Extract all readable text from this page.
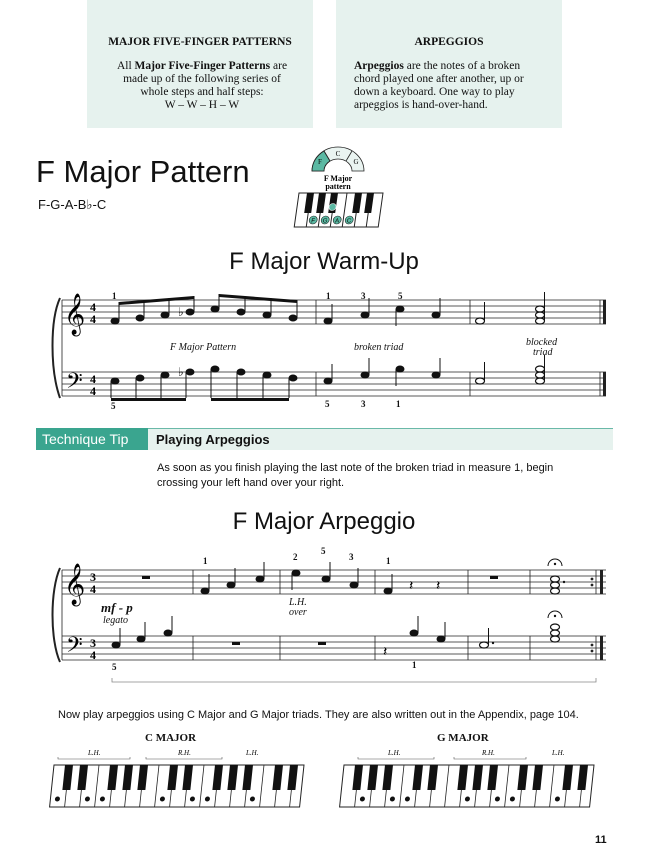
MAJOR FIVE-FINGER PATTERNS
All Major Five-Finger Patterns are made up of the following series of whole steps and half steps:
W – W – H – W
ARPEGGIOS
Arpeggios are the notes of a broken chord played one after another, up or down a keyboard. One way to play arpeggios is hand-over-hand.
F Major Pattern
F-G-A-B♭-C
F
C
G
F Major
pattern
F G A C
F Major Warm-Up
𝄞
𝄢
4
4
4
4
♭
♭
1	1	3	5
5	5	3	1
F Major Pattern	broken triad	blocked
triad
Technique Tip	Playing Arpeggios
As soon as you finish playing the last note of the broken triad in measure 1, begin crossing your left hand over your right.
F Major Arpeggio
𝄞
𝄢
3
4
3
4
𝄽 𝄽
𝄽
1	2
5
3	1
5	1
mf - p
legato
L.H.
over
Now play arpeggios using C Major and G Major triads. They are also written out in the Appendix, page 104.
C MAJOR	G MAJOR
L.H.	R.H.	L.H.	L.H.	R.H.	L.H.
11
